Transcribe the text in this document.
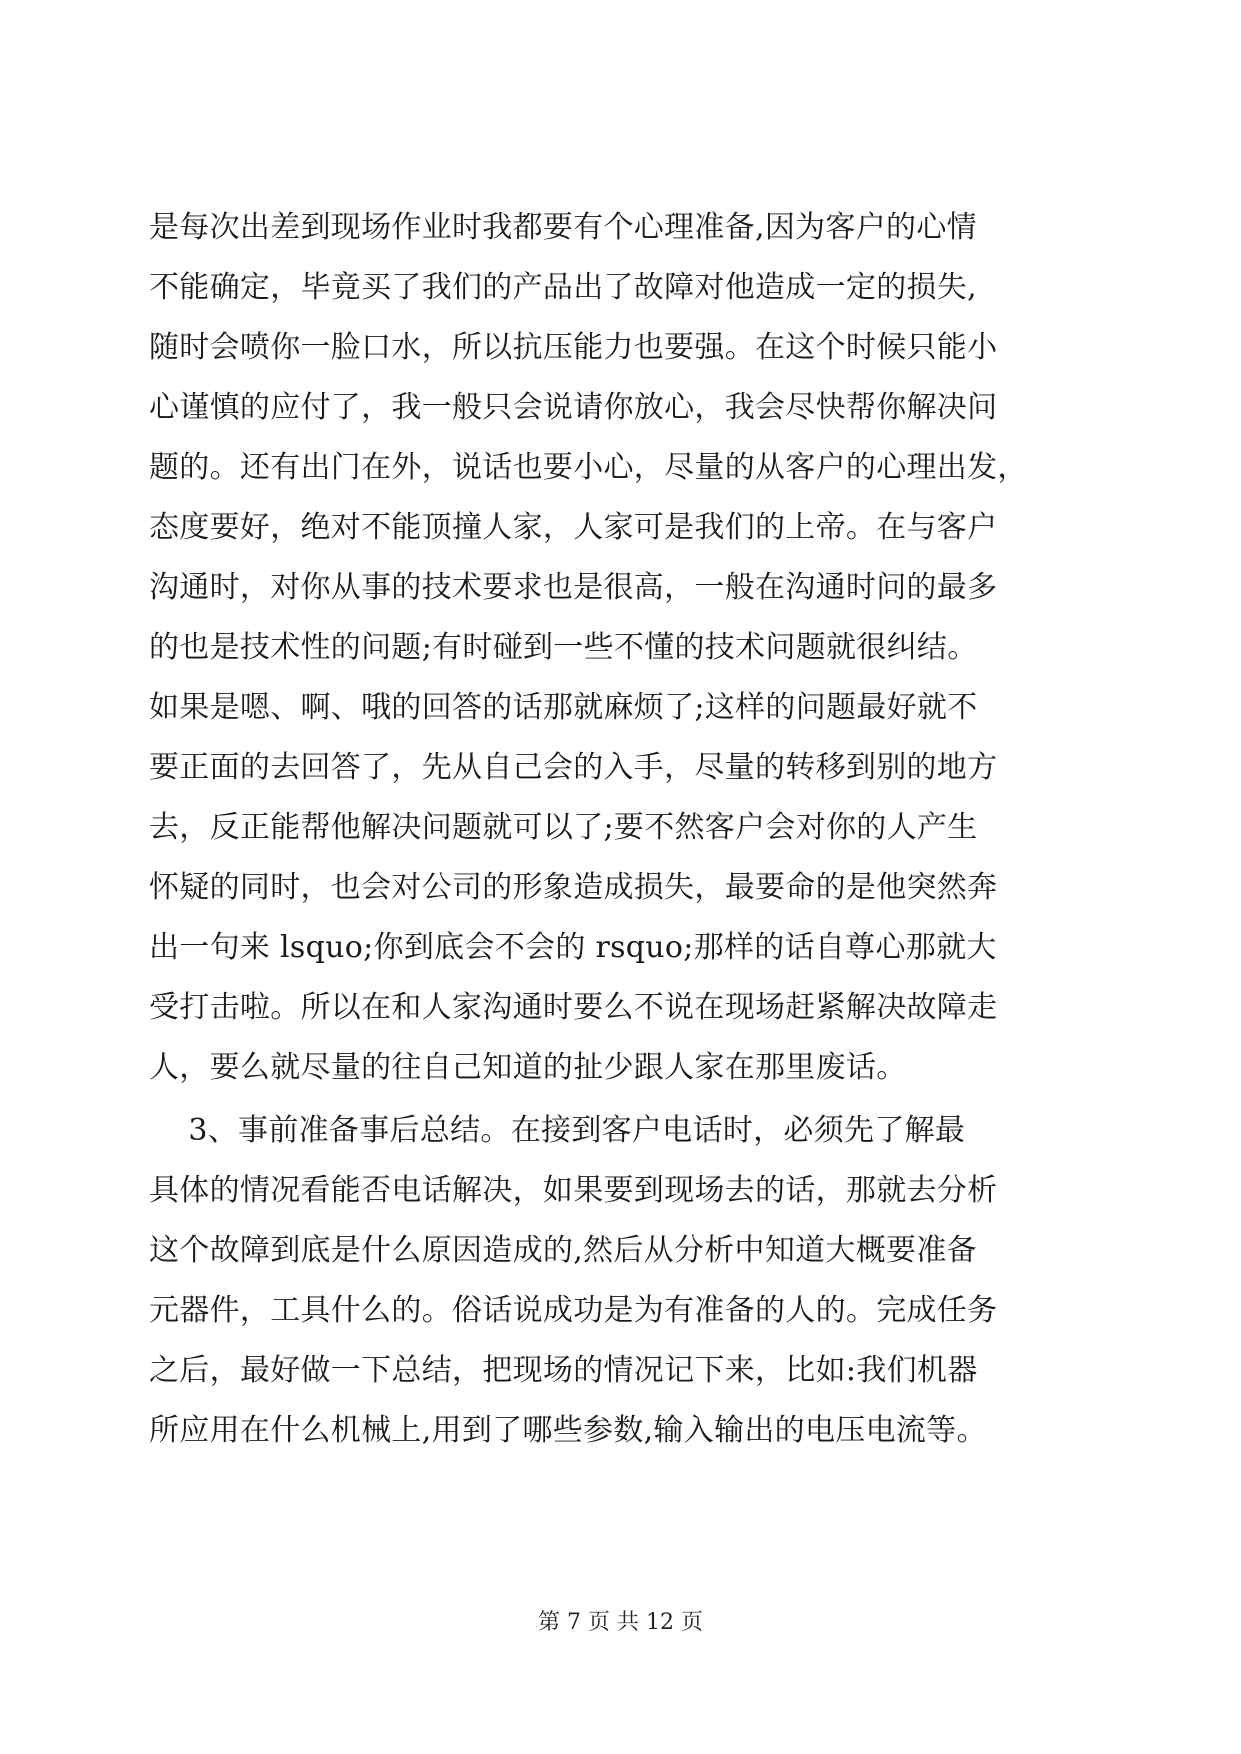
是每次出差到现场作业时我都要有个心理准备,因为客户的心情
不能确定，毕竟买了我们的产品出了故障对他造成一定的损失,
随时会喷你一脸口水，所以抗压能力也要强。在这个时候只能小
心谨慎的应付了，我一般只会说请你放心，我会尽快帮你解决问
题的。还有出门在外，说话也要小心，尽量的从客户的心理出发，
态度要好，绝对不能顶撞人家，人家可是我们的上帝。在与客户
沟通时，对你从事的技术要求也是很高，一般在沟通时问的最多
的也是技术性的问题;有时碰到一些不懂的技术问题就很纠结。
如果是嗯、啊、哦的回答的话那就麻烦了;这样的问题最好就不
要正面的去回答了，先从自己会的入手，尽量的转移到别的地方
去，反正能帮他解决问题就可以了;要不然客户会对你的人产生
怀疑的同时，也会对公司的形象造成损失，最要命的是他突然奔
出一句来 lsquo;你到底会不会的 rsquo;那样的话自尊心那就大
受打击啦。所以在和人家沟通时要么不说在现场赶紧解决故障走
人，要么就尽量的往自己知道的扯少跟人家在那里废话。
3、事前准备事后总结。在接到客户电话时，必须先了解最
具体的情况看能否电话解决，如果要到现场去的话，那就去分析
这个故障到底是什么原因造成的,然后从分析中知道大概要准备
元器件，工具什么的。俗话说成功是为有准备的人的。完成任务
之后，最好做一下总结，把现场的情况记下来，比如:我们机器
所应用在什么机械上,用到了哪些参数,输入输出的电压电流等。
第 7 页 共 12 页
